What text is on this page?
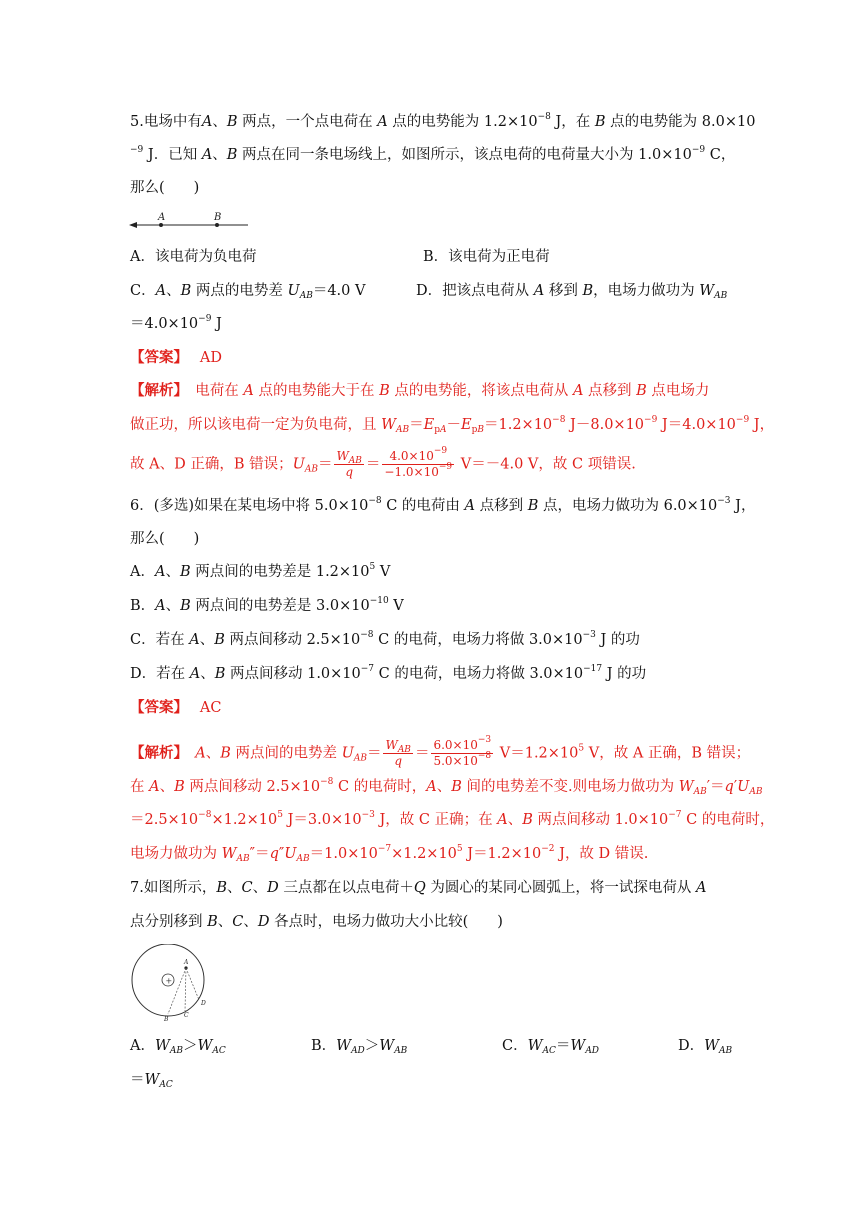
5.电场中有A、B 两点，一个点电荷在 A 点的电势能为 $1.2\times 10^{-8}$ J，在 B 点的电势能为 8.0×10
$^{-9}$ J．已知 A、B 两点在同一条电场线上，如图所示，该点电荷的电荷量大小为 $1.0\times 10^{-9}$ C，
那么(　　)
A	B
A．该电荷为负电荷	B．该电荷为正电荷
C．A、B 两点的电势差 $U_{AB}=4.0$ V	D．把该点电荷从 A 移到 B，电场力做功为 $W_{AB}$
$=4.0\times 10^{-9}$ J
【答案】　 AD
【解析】　电荷在 A 点的电势能大于在 B 点的电势能，将该点电荷从 A 点移到 B 点电场力
做正功，所以该电荷一定为负电荷，且 $W_{AB}=E_{pA}-E_{pB}=1.2\times 10^{-8}$ $J-8.0\times 10^{-9}$ $J=4.0\times 10^{-9}$ J，
故 A、D 正确，B 错误；$U_{AB}= \frac{W_{AB}}{q} = \frac{4.0\times 10^{-9}}{-1.0\times 10^{-9}} V=-4.0$ V，故 C 项错误.
6．(多选)如果在某电场中将 $5.0\times 10^{-8}$ C 的电荷由 A 点移到 B 点，电场力做功为 $6.0\times 10^{-3}$ J，
那么(　　)
A．A、B 两点间的电势差是 $1.2\times 10^5$ V
B．A、B 两点间的电势差是 $3.0\times 10^{-10}$ V
C．若在 A、B 两点间移动 $2.5\times 10^{-8}$ C 的电荷，电场力将做 $3.0\times 10^{-3}$ J 的功
D．若在 A、B 两点间移动 $1.0\times 10^{-7}$ C 的电荷，电场力将做 $3.0\times 10^{-17}$ J 的功
【答案】　 AC
【解析】　 A、B 两点间的电势差 $U_{AB}= \frac{W_{AB}}{q} = \frac{6.0\times 10^{-3}}{5.0\times 10^{-8}} V=1.2\times 10^5$ V，故 A 正确，B 错误；
在 A、B 两点间移动 $2.5\times 10^{-8}$ C 的电荷时，A、B 间的电势差不变.则电场力做功为 $W_{AB}'=q'U_{AB}$
$=2.5\times 10^{-8}\times 1.2\times 10^5$ $J=3.0\times 10^{-3}$ J，故 C 正确；在 A、B 两点间移动 $1.0\times 10^{-7}$ C 的电荷时，
电场力做功为 $W_{AB}''=q''U_{AB}=1.0\times 10^{-7}\times 1.2\times 10^5$ $J=1.2\times 10^{-2}$ J，故 D 错误.
7.如图所示，B、C、D 三点都在以点电荷＋Q 为圆心的某同心圆弧上，将一试探电荷从 A
点分别移到 B、C、D 各点时，电场力做功大小比较(　　)
+
A
B
C
D
A．$W_{AB}>W_{AC}$	B．$W_{AD}>W_{AB}$	C．$W_{AC}=W_{AD}$	D．$W_{AB}$
$=W_{AC}$
